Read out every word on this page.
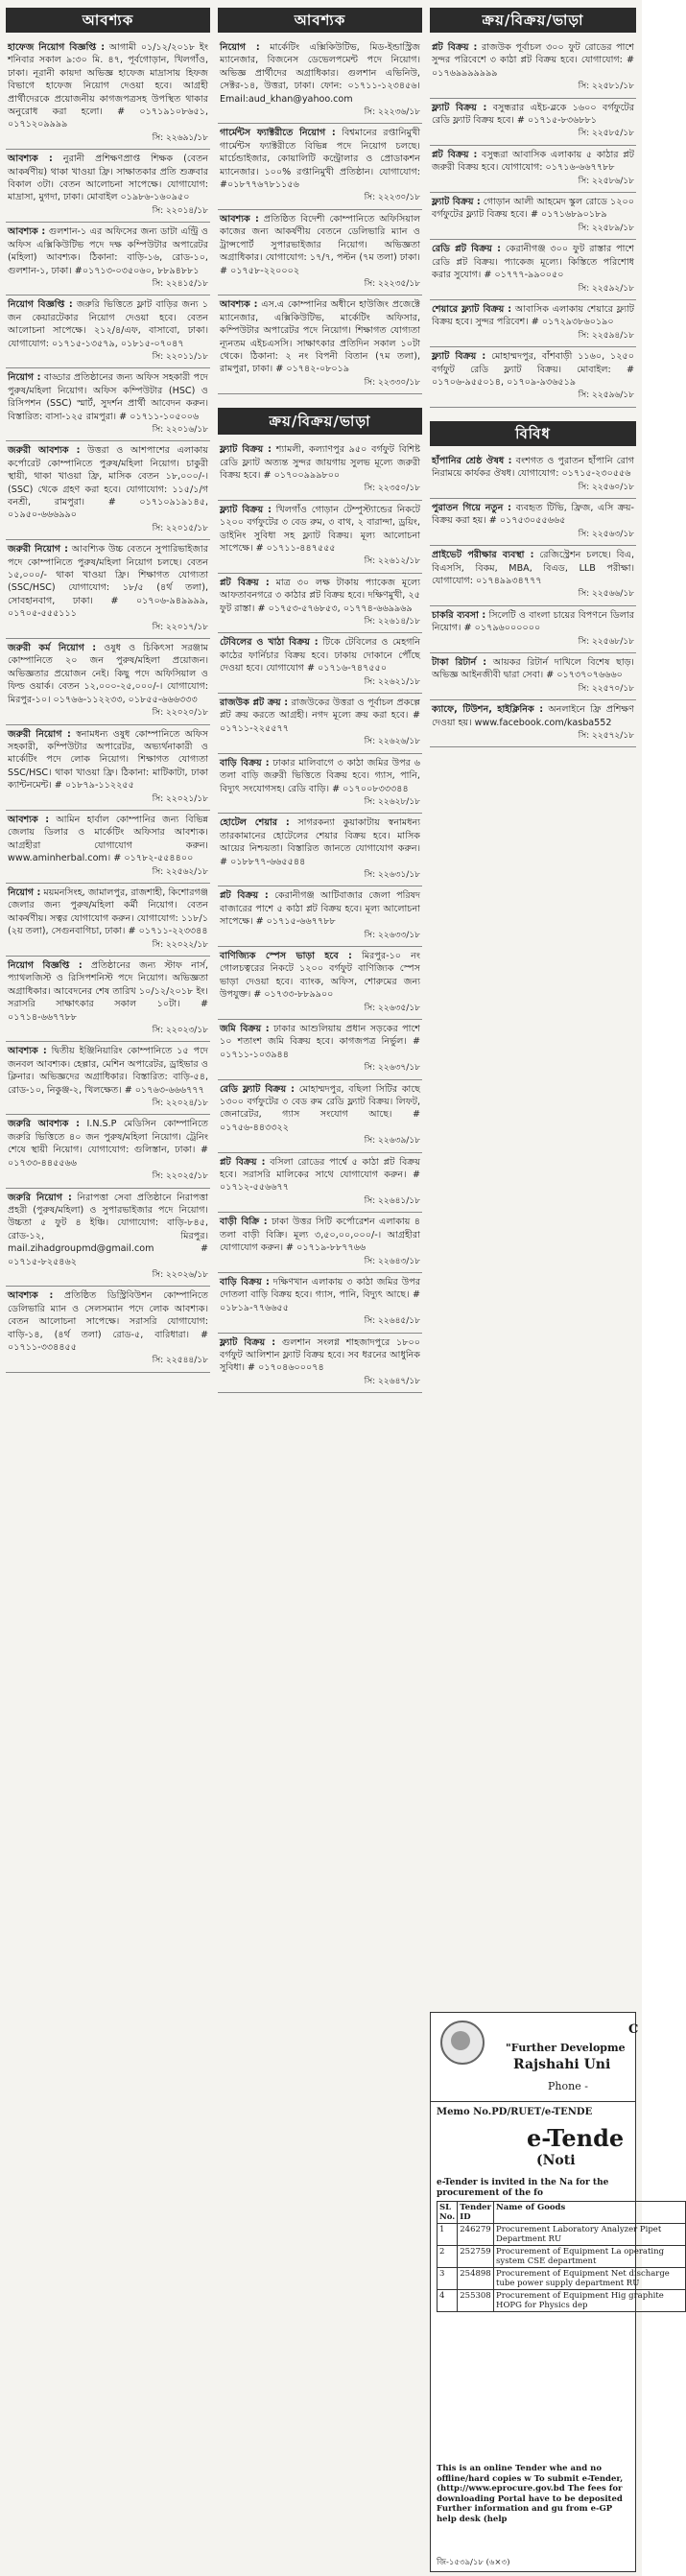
আবশ্যক
হাফেজ নিয়োগ বিজ্ঞপ্তি : আগামী ০১/১২/২০১৮ ইং শনিবার সকাল ৯:৩০ মি. ৪৭, পূর্বগোড়ান, খিলগাঁও, ঢাকা। নূরানী কায়দা অভিজ্ঞ হাফেজ মাদ্রাসায় হিফজ বিভাগে হাফেজ নিয়োগ দেওয়া হবে। আগ্রহী প্রার্থীদেরকে প্রয়োজনীয় কাগজপত্রসহ উপস্থিত থাকার অনুরোধ করা হলো। # ০১৭১৯১০৮৬৫১, ০১৭১২০৯৯৯৯
সি: ২২৬৯১/১৮
আবশ্যক : নুরানী প্রশিক্ষণপ্রাপ্ত শিক্ষক (বেতন আকর্ষণীয়) থাকা খাওয়া ফ্রি। সাক্ষাতকার প্রতি শুক্রবার বিকাল ৩টা। বেতন আলোচনা সাপেক্ষে। যোগাযোগ: মাদ্রাসা, মুগদা, ঢাকা। মোবাইল ০১৯৮৬-১৬০৯৫০
সি: ২২০১৪/১৮
আবশ্যক : গুলশান-১ এর অফিসের জন্য ডাটা এন্ট্রি ও অফিস এক্সিকিউটিভ পদে দক্ষ কম্পিউটার অপারেটর (মহিলা) আবশ্যক। ঠিকানা: বাড়ি-১৬, রোড-১০, গুলশান-১, ঢাকা। #০১৭১৩-০৩৫০৬০, ৮৮৯৪৮৮১
সি: ২২৪১৫/১৮
নিয়োগ বিজ্ঞপ্তি : জরুরি ভিত্তিতে ফ্লাট বাড়ির জন্য ১ জন কেয়ারটেকার নিয়োগ দেওয়া হবে। বেতন আলোচনা সাপেক্ষে। ২১২/৪/এফ, বাসাবো, ঢাকা। যোগাযোগ: ০১৭১৫-১৩৫৭৯, ০১৮১৫-০৭০৪৭
সি: ২২০১১/১৮
নিয়োগ : বাড্ডার প্রতিষ্ঠানের জন্য অফিস সহকারী পদে পুরুষ/মহিলা নিয়োগ। অফিস কম্পিউটার (HSC) ও রিসিপশন (SSC) স্মার্ট, সুদর্শন প্রার্থী আবেদন করুন। বিস্তারিত: বাসা-১২৫ রামপুরা। # ০১৭১১-১০৫০০৬
সি: ২২০১৬/১৮
জরুরী আবশ্যক : উত্তরা ও আশপাশের এলাকায় কর্পোরেট কোম্পানিতে পুরুষ/মহিলা নিয়োগ। চাকুরী স্থায়ী, থাকা খাওয়া ফ্রি, মাসিক বেতন ১৮,০০০/-। (SSC) থেকে গ্রহণ করা হবে। যোগাযোগ: ১১৫/১/গ বনশ্রী, রামপুরা। # ০১৭১০৯১৯১৪৫, ০১৯৫০-৬৬৬৯৯০
সি: ২২০১৫/১৮
জরুরী নিয়োগ : আবশ্যিক উচ্চ বেতনে সুপারিভাইজার পদে কোম্পানিতে পুরুষ/মহিলা নিয়োগ চলছে। বেতন ১৫,০০০/- থাকা খাওয়া ফ্রি। শিক্ষাগত যোগ্যতা (SSC/HSC) যোগাযোগ: ১৮/৫ (৪র্থ তলা), সোবহানবাগ, ঢাকা। # ০১৭০৬-৯৪৯৯৯৯, ০১৭০৫-৫৫৫১১১
সি: ২২০১৭/১৮
জরুরী কর্ম নিয়োগ : ওষুধ ও চিকিৎসা সরঞ্জাম কোম্পানিতে ২০ জন পুরুষ/মহিলা প্রয়োজন। অভিজ্ঞতার প্রয়োজন নেই। কিছু পদে অফিসিয়াল ও ফিল্ড ওয়ার্ক। বেতন ১২,০০০-২৫,০০০/-। যোগাযোগ: মিরপুর-১০। ০১৭৬৬-১১২২৩৩, ০১৮৫৫-৬৬৬৩৩৩
সি: ২২০২০/১৮
জরুরী নিয়োগ : স্বনামধন্য ওষুধ কোম্পানিতে অফিস সহকারী, কম্পিউটার অপারেটর, অভ্যর্থনাকারী ও মার্কেটিং পদে লোক নিয়োগ। শিক্ষাগত যোগ্যতা SSC/HSC। থাকা খাওয়া ফ্রি। ঠিকানা: মাটিকাটা, ঢাকা ক্যান্টনমেন্ট। # ০১৮৭৯-১১২২৫৫
সি: ২২০২১/১৮
আবশ্যক : আমিন হার্বাল কোম্পানির জন্য বিভিন্ন জেলায় ডিলার ও মার্কেটিং অফিসার আবশ্যক। আগ্রহীরা যোগাযোগ করুন। www.aminherbal.com। # ০১৭৮২-৫৫৪৪০০
সি: ২২৫৬২/১৮
নিয়োগ : ময়মনসিংহ, জামালপুর, রাজশাহী, কিশোরগঞ্জ জেলার জন্য পুরুষ/মহিলা কর্মী নিয়োগ। বেতন আকর্ষণীয়। সত্বর যোগাযোগ করুন। যোগাযোগ: ১১৮/১ (২য় তলা), সেগুনবাগিচা, ঢাকা। # ০১৭১১-২২৩৩৪৪
সি: ২২০২২/১৮
নিয়োগ বিজ্ঞপ্তি : প্রতিষ্ঠানের জন্য স্টাফ নার্স, প্যাথলজিস্ট ও রিসিপশনিস্ট পদে নিয়োগ। অভিজ্ঞতা অগ্রাধিকার। আবেদনের শেষ তারিখ ১০/১২/২০১৮ ইং। সরাসরি সাক্ষাৎকার সকাল ১০টা। # ০১৭১৪-৬৬৭৭৮৮
সি: ২২০২৩/১৮
আবশ্যক : দ্বিতীয় ইঞ্জিনিয়ারিং কোম্পানিতে ১৫ পদে জনবল আবশ্যক। হেল্পার, মেশিন অপারেটর, ড্রাইভার ও ক্লিনার। অভিজ্ঞদের অগ্রাধিকার। বিস্তারিত: বাড়ি-৫৪, রোড-১০, নিকুঞ্জ-২, খিলক্ষেত। # ০১৭৬৩-৬৬৬৭৭৭
সি: ২২০২৪/১৮
জরুরি আবশ্যক : I.N.S.P মেডিসিন কোম্পানিতে জরুরি ভিত্তিতে ৪০ জন পুরুষ/মহিলা নিয়োগ। ট্রেনিং শেষে স্থায়ী নিয়োগ। যোগাযোগ: গুলিস্তান, ঢাকা। # ০১৭৩৩-৪৪৫৫৬৬
সি: ২২০২৫/১৮
জরুরি নিয়োগ : নিরাপত্তা সেবা প্রতিষ্ঠানে নিরাপত্তা প্রহরী (পুরুষ/মহিলা) ও সুপারভাইজার পদে নিয়োগ। উচ্চতা ৫ ফুট ৪ ইঞ্চি। যোগাযোগ: বাড়ি-৮৪৫, রোড-১২, মিরপুর। mail.zihadgroupmd@gmail.com # ০১৭১৫-৮২৫৪৬২
সি: ২২০২৬/১৮
আবশ্যক : প্রতিষ্ঠিত ডিস্ট্রিবিউশন কোম্পানিতে ডেলিভারি ম্যান ও সেলসম্যান পদে লোক আবশ্যক। বেতন আলোচনা সাপেক্ষে। সরাসরি যোগাযোগ: বাড়ি-১৪, (৪র্থ তলা) রোড-৫, বারিধারা। # ০১৭১১-৩৩৪৪৫৫
সি: ২২৫৪৪/১৮
আবশ্যক
নিয়োগ : মার্কেটিং এক্সিকিউটিভ, মিড-ইন্ডাস্ট্রিজ ম্যানেজার, বিজনেস ডেভেলপমেন্ট পদে নিয়োগ। অভিজ্ঞ প্রার্থীদের অগ্রাধিকার। গুলশান এভিনিউ, সেক্টর-১৪, উত্তরা, ঢাকা। ফোন: ০১৭১১-১২৩৪৫৬। Email:aud_khan@yahoo.com
সি: ২২২৩৬/১৮
গার্মেন্টস ফ্যাক্টরীতে নিয়োগ : বিশ্বমানের রপ্তানিমুখী গার্মেন্টস ফ্যাক্টরীতে বিভিন্ন পদে নিয়োগ চলছে। মার্চেন্ডাইজার, কোয়ালিটি কন্ট্রোলার ও প্রোডাকশন ম্যানেজার। ১০০% রপ্তানিমুখী প্রতিষ্ঠান। যোগাযোগ: #০১৮৭৭৬৭৮১১৫৬
সি: ২২২৩০/১৮
আবশ্যক : প্রতিষ্ঠিত বিদেশী কোম্পানিতে অফিসিয়াল কাজের জন্য আকর্ষণীয় বেতনে ডেলিভারি ম্যান ও ট্রান্সপোর্ট সুপারভাইজার নিয়োগ। অভিজ্ঞতা অগ্রাধিকার। যোগাযোগ: ১৭/৭, পল্টন (৭ম তলা) ঢাকা। # ০১৭৫৮-২২০০০২
সি: ২২২৩৫/১৮
আবশ্যক : এস.এ কোম্পানির অধীনে হাউজিং প্রজেক্টে ম্যানেজার, এক্সিকিউটিভ, মার্কেটিং অফিসার, কম্পিউটার অপারেটর পদে নিয়োগ। শিক্ষাগত যোগ্যতা ন্যূনতম এইচএসসি। সাক্ষাৎকার প্রতিদিন সকাল ১০টা থেকে। ঠিকানা: ২ নং বিপনী বিতান (৭ম তলা), রামপুরা, ঢাকা। # ০১৭৪২-০৮০১৯
সি: ২২৩৩০/১৮
ক্রয়/বিক্রয়/ভাড়া
ফ্ল্যাট বিক্রয় : শ্যামলী, কল্যাণপুর ৯৫০ বর্গফুট বিশিষ্ট রেডি ফ্ল্যাট অত্যন্ত সুন্দর জায়গায় সুলভ মূল্যে জরুরী বিক্রয় হবে। # ০১৭০০৯৯৯৮০০
সি: ২২৩৫০/১৮
ফ্ল্যাট বিক্রয় : খিলগাঁও গোড়ান টেম্পুস্ট্যান্ডের নিকটে ১২০০ বর্গফুটের ৩ বেড রুম, ৩ বাথ, ২ বারান্দা, ড্রয়িং, ডাইনিং সুবিধা সহ ফ্ল্যাট বিক্রয়। মূল্য আলোচনা সাপেক্ষে। # ০১৭১১-৪৪৭৫৫৫
সি: ২২৬১২/১৮
প্লট বিক্রয় : মাত্র ৩০ লক্ষ টাকায় প্যাকেজ মূল্যে আফতাবনগরে ৩ কাঠার প্লট বিক্রয় হবে। দক্ষিণমুখী, ২৫ ফুট রাস্তা। # ০১৭৫৩-৫৭৬৮৫৩, ০১৭৭৪-৬৬৯৯৬৯
সি: ২২৬১৪/১৮
টেবিলের ও খাঠা বিক্রয় : টিকে টেবিলের ও মেহগনি কাঠের ফার্নিচার বিক্রয় হবে। ঢাকায় দোকানে পৌঁছে দেওয়া হবে। যোগাযোগ # ০১৭১৬-৭৪৭৫৫০
সি: ২২৬২১/১৮
রাজউক প্লট ক্রয় : রাজউকের উত্তরা ও পূর্বাচল প্রকল্পে প্লট ক্রয় করতে আগ্রহী। নগদ মূল্যে ক্রয় করা হবে। # ০১৭১১-২২৫৫৭৭
সি: ২২৬২৬/১৮
বাড়ি বিক্রয় : ঢাকার মালিবাগে ৩ কাঠা জমির উপর ৬ তলা বাড়ি জরুরী ভিত্তিতে বিক্রয় হবে। গ্যাস, পানি, বিদ্যুৎ সংযোগসহ। রেডি বাড়ি। # ০১৭০০৮৩৩৩৪৪
সি: ২২৬২৮/১৮
হোটেল শেয়ার : সাগরকন্যা কুয়াকাটায় স্বনামধন্য তারকামানের হোটেলের শেয়ার বিক্রয় হবে। মাসিক আয়ের নিশ্চয়তা। বিস্তারিত জানতে যোগাযোগ করুন। # ০১৮৮৭৭-৬৬৫৫৪৪
সি: ২২৬৩১/১৮
প্লট বিক্রয় : কেরানীগঞ্জ আটিবাজার জেলা পরিষদ বাজারের পাশে ৫ কাঠা প্লট বিক্রয় হবে। মূল্য আলোচনা সাপেক্ষে। # ০১৭১৫-৬৬৭৭৮৮
সি: ২২৬৩৩/১৮
বাণিজ্যিক স্পেস ভাড়া হবে : মিরপুর-১০ নং গোলচত্বরের নিকটে ১২০০ বর্গফুট বাণিজ্যিক স্পেস ভাড়া দেওয়া হবে। ব্যাংক, অফিস, শোরুমের জন্য উপযুক্ত। # ০১৭৩৩-৮৮৯৯০০
সি: ২২৬৩৫/১৮
জমি বিক্রয় : ঢাকার আশুলিয়ায় প্রধান সড়কের পাশে ১০ শতাংশ জমি বিক্রয় হবে। কাগজপত্র নির্ভুল। # ০১৭১১-১০৩৯৪৪
সি: ২২৬৩৭/১৮
রেডি ফ্ল্যাট বিক্রয় : মোহাম্মদপুর, বছিলা সিটির কাছে ১৩০০ বর্গফুটের ৩ বেড রুম রেডি ফ্ল্যাট বিক্রয়। লিফট, জেনারেটর, গ্যাস সংযোগ আছে। # ০১৭৫৬-৪৪৩৩২২
সি: ২২৬৩৯/১৮
প্লট বিক্রয় : বসিলা রোডের পার্শ্বে ৫ কাঠা প্লট বিক্রয় হবে। সরাসরি মালিকের সাথে যোগাযোগ করুন। # ০১৭১২-৫৫৬৬৭৭
সি: ২২৬৪১/১৮
বাড়ী বিক্রি : ঢাকা উত্তর সিটি কর্পোরেশন এলাকায় ৪ তলা বাড়ী বিক্রি। মূল্য ৩,৫০,০০,০০০/-। আগ্রহীরা যোগাযোগ করুন। # ০১৭১৯-৮৮৭৭৬৬
সি: ২২৬৪৩/১৮
বাড়ি বিক্রয় : দক্ষিণখান এলাকায় ৩ কাঠা জমির উপর দোতলা বাড়ি বিক্রয় হবে। গ্যাস, পানি, বিদ্যুৎ আছে। # ০১৮১৯-৭৭৬৬৫৫
সি: ২২৬৪৫/১৮
ফ্ল্যাট বিক্রয় : গুলশান সংলগ্ন শাহজাদপুরে ১৮০০ বর্গফুট আলিশান ফ্ল্যাট বিক্রয় হবে। সব ধরনের আধুনিক সুবিধা। # ০১৭০৪৬০০০৭৪
সি: ২২৬৪৭/১৮
ক্রয়/বিক্রয়/ভাড়া
প্লট বিক্রয় : রাজউক পূর্বাচল ৩০০ ফুট রোডের পাশে সুন্দর পরিবেশে ৩ কাঠা প্লট বিক্রয় হবে। যোগাযোগ: # ০১৭৬৯৯৯৯৯৯৯
সি: ২২৫৮১/১৮
ফ্ল্যাট বিক্রয় : বসুন্ধরার এইচ-ব্লকে ১৬০০ বর্গফুটের রেডি ফ্ল্যাট বিক্রয় হবে। # ০১৭১৫-৮৩৬৮৮১
সি: ২২৫৮৫/১৮
প্লট বিক্রয় : বসুন্ধরা আবাসিক এলাকায় ৫ কাঠার প্লট জরুরী বিক্রয় হবে। যোগাযোগ: ০১৭১৬-৬৬৭৭৮৮
সি: ২২৫৮৬/১৮
ফ্ল্যাট বিক্রয় : গোড়ান আলী আহমেদ স্কুল রোডে ১২০০ বর্গফুটের ফ্ল্যাট বিক্রয় হবে। # ০১৭১৬৮৯০১৮৯
সি: ২২৫৮৯/১৮
রেডি প্লট বিক্রয় : কেরানীগঞ্জ ৩০০ ফুট রাস্তার পাশে রেডি প্লট বিক্রয়। প্যাকেজ মূল্যে। কিস্তিতে পরিশোধ করার সুযোগ। # ০১৭৭৭-৯৯০০৫০
সি: ২২৫৯২/১৮
শেয়ারে ফ্ল্যাট বিক্রয় : আবাসিক এলাকায় শেয়ারে ফ্ল্যাট বিক্রয় হবে। সুন্দর পরিবেশ। # ০১৭২৯৩৮৬০১৯০
সি: ২২৫৯৪/১৮
ফ্ল্যাট বিক্রয় : মোহাম্মদপুর, বাঁশবাড়ী ১১৬০, ১২৫০ বর্গফুট রেডি ফ্ল্যাট বিক্রয়। মোবাইল: # ০১৭০৬-৯৫৫০১৪, ০১৭০৯-৯৩৬৫১৯
সি: ২২৫৯৬/১৮
বিবিধ
হাঁপানির শ্রেষ্ঠ ঔষধ : বংশগত ও পুরাতন হাঁপানি রোগ নিরাময়ে কার্যকর ঔষধ। যোগাযোগ: ০১৭১৫-২৩০৫৫৬
সি: ২২৫৬০/১৮
পুরাতন গিয়ে নতুন : ব্যবহৃত টিভি, ফ্রিজ, এসি ক্রয়-বিক্রয় করা হয়। # ০১৭৫৩০৫৫৬৬৫
সি: ২২৫৬৩/১৮
প্রাইভেট পরীক্ষার ব্যবস্থা : রেজিস্ট্রেশন চলছে। বিএ, বিএসসি, বিকম, MBA, বিএড, LLB পরীক্ষা। যোগাযোগ: ০১৭৪৯৯৩৪৭৭৭
সি: ২২৫৬৬/১৮
চাকরি ব্যবসা : সিলেটি ও বাংলা চায়ের বিপণনে ডিলার নিয়োগ। # ০১৭৯৬০০০০০০
সি: ২২৫৬৮/১৮
টাকা রিটার্ন : আয়কর রিটার্ন দাখিলে বিশেষ ছাড়। অভিজ্ঞ আইনজীবী দ্বারা সেবা। # ০১৭৩৭০৭৬৬৬০
সি: ২২৫৭০/১৮
ক্যাফে, টিউশন, হাইক্লিনিক : অনলাইনে ফ্রি প্রশিক্ষণ দেওয়া হয়। www.facebook.com/kasba552
সি: ২২৫৭২/১৮
C
"Further Developme
Rajshahi Uni
Phone -
Memo No.PD/RUET/e-TENDE
e-Tende
(Noti
e-Tender is invited in the Na for the procurement of the fo
SL No.	Tender ID	Name of Goods
1	246279	Procurement Laboratory Analyzer Pipet Department RU
2	252759	Procurement of Equipment La operating system CSE department
3	254898	Procurement of Equipment Net discharge tube power supply department RU
4	255308	Procurement of Equipment Hig graphite HOPG for Physics dep
This is an online Tender whe and no offline/hard copies w To submit e-Tender, (http://www.eprocure.gov.bd The fees for downloading Portal have to be deposited Further information and gu from e-GP help desk (help
জি-১৫৩৯/১৮ (৬×৩)
